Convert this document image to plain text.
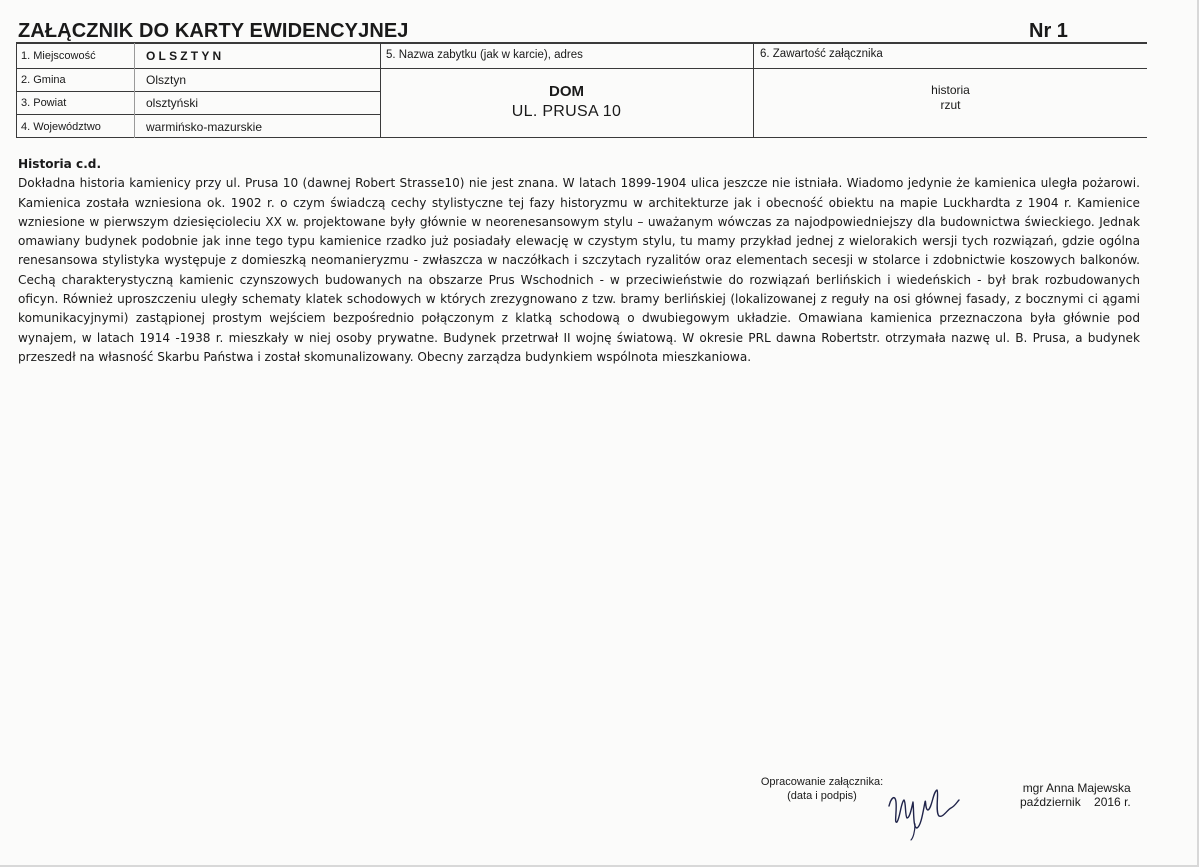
ZAŁĄCZNIK DO KARTY EWIDENCYJNEJ	Nr 1
1. Miejscowość	OLSZTYN
2. Gmina	Olsztyn
3. Powiat	olsztyński
4. Województwo	warmińsko-mazurskie
5. Nazwa zabytku (jak w karcie), adres
DOM
UL. PRUSA 10
6. Zawartość załącznika
historia
rzut
Historia c.d.
Dokładna historia kamienicy przy ul. Prusa 10 (dawnej Robert Strasse10) nie jest znana. W latach 1899-1904 ulica jeszcze nie istniała. Wiadomo jedynie że kamienica uległa pożarowi. Kamienica została wzniesiona ok. 1902 r. o czym świadczą cechy stylistyczne tej fazy historyzmu w architekturze jak i obecność obiektu na mapie Luckhardta z 1904 r. Kamienice wzniesione w pierwszym dziesięcioleciu XX w. projektowane były głównie w neorenesansowym stylu – uważanym wówczas za najodpowiedniejszy dla budownictwa świeckiego. Jednak omawiany budynek podobnie jak inne tego typu kamienice rzadko już posiadały elewację w czystym stylu, tu mamy przykład jednej z wielorakich wersji tych rozwiązań, gdzie ogólna renesansowa stylistyka występuje z domieszką neomanieryzmu - zwłaszcza w naczółkach i szczytach ryzalitów oraz elementach secesji w stolarce i zdobnictwie koszowych balkonów. Cechą charakterystyczną kamienic czynszowych budowanych na obszarze Prus Wschodnich - w przeciwieństwie do rozwiązań berlińskich i wiedeńskich - był brak rozbudowanych oficyn. Również uproszczeniu uległy schematy klatek schodowych w których zrezygnowano z tzw. bramy berlińskiej (lokalizowanej z reguły na osi głównej fasady, z bocznymi ci ągami komunikacyjnymi) zastąpionej prostym wejściem bezpośrednio połączonym z klatką schodową o dwubiegowym układzie. Omawiana kamienica przeznaczona była głównie pod wynajem, w latach 1914 -1938 r. mieszkały w niej osoby prywatne. Budynek przetrwał II wojnę światową. W okresie PRL dawna Robertstr. otrzymała nazwę ul. B. Prusa, a budynek przeszedł na własność Skarbu Państwa i został skomunalizowany. Obecny zarządza budynkiem wspólnota mieszkaniowa.
Opracowanie załącznika:
(data i podpis)
mgr Anna Majewska
październik    2016 r.
